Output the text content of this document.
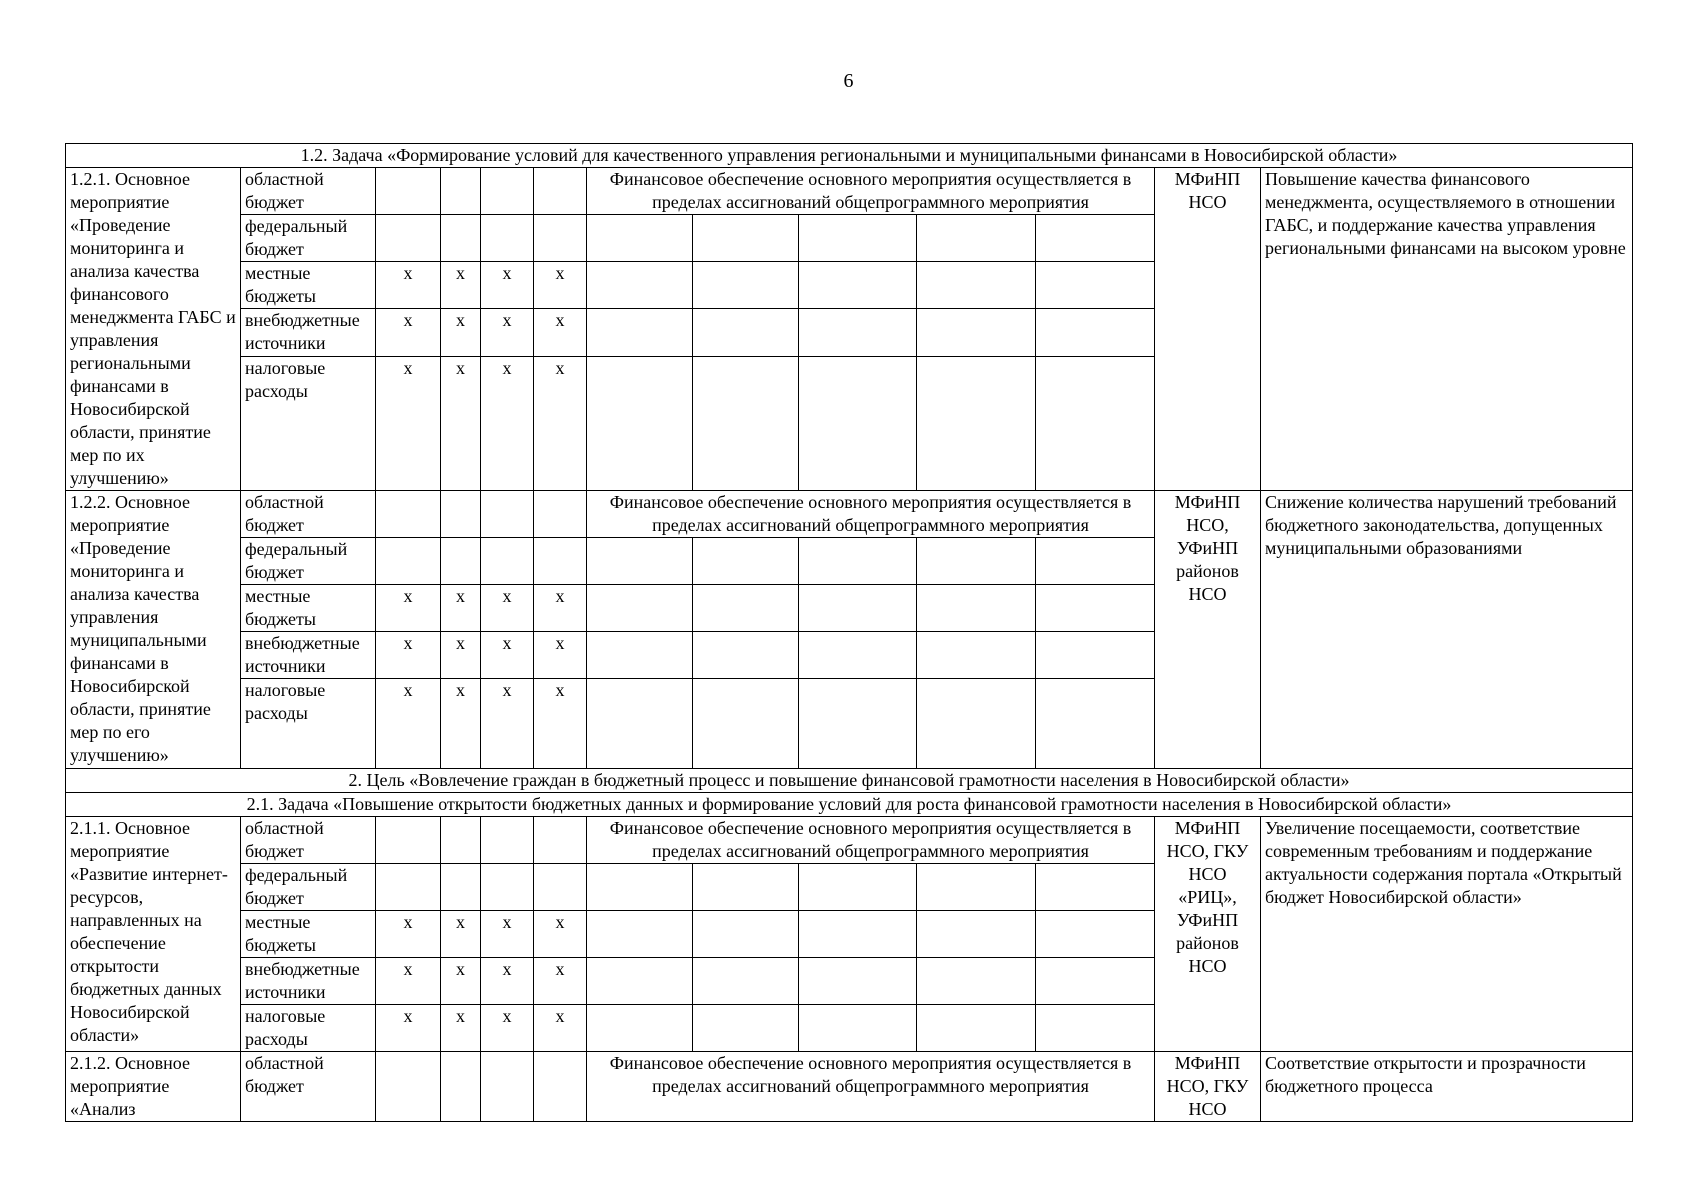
6
1.2. Задача «Формирование условий для качественного управления региональными и муниципальными финансами в Новосибирской области»												
1.2.1. Основное мероприятие «Проведение мониторинга и анализа качества финансового менеджмента ГАБС и управления региональными финансами в Новосибирской области, принятие мер по их улучшению»	областной бюджет					Финансовое обеспечение основного мероприятия осуществляется в пределах ассигнований общепрограммного мероприятия					МФиНП НСО	Повышение качества финансового менеджмента, осуществляемого в отношении ГАБС, и поддержание качества управления региональными финансами на высоком уровне
	федеральный бюджет											
	местные бюджеты	х	х	х	х							
	внебюджетные источники	х	х	х	х							
	налоговые расходы	х	х	х	х							
1.2.2. Основное мероприятие «Проведение мониторинга и анализа качества управления муниципальными финансами в Новосибирской области, принятие мер по его улучшению»	областной бюджет					Финансовое обеспечение основного мероприятия осуществляется в пределах ассигнований общепрограммного мероприятия					МФиНП НСО, УФиНП районов НСО	Снижение количества нарушений требований бюджетного законодательства, допущенных муниципальными образованиями
	федеральный бюджет											
	местные бюджеты	х	х	х	х							
	внебюджетные источники	х	х	х	х							
	налоговые расходы	х	х	х	х							
2. Цель «Вовлечение граждан в бюджетный процесс и повышение финансовой грамотности населения в Новосибирской области»												
2.1. Задача «Повышение открытости бюджетных данных и формирование условий для роста финансовой грамотности населения в Новосибирской области»												
2.1.1. Основное мероприятие «Развитие интернет-ресурсов, направленных на обеспечение открытости бюджетных данных Новосибирской области»	областной бюджет					Финансовое обеспечение основного мероприятия осуществляется в пределах ассигнований общепрограммного мероприятия					МФиНП НСО, ГКУ НСО «РИЦ», УФиНП районов НСО	Увеличение посещаемости, соответствие современным требованиям и поддержание актуальности содержания портала «Открытый бюджет Новосибирской области»
	федеральный бюджет											
	местные бюджеты	х	х	х	х							
	внебюджетные источники	х	х	х	х							
	налоговые расходы	х	х	х	х							
2.1.2. Основное мероприятие «Анализ	областной бюджет					Финансовое обеспечение основного мероприятия осуществляется в пределах ассигнований общепрограммного мероприятия					МФиНП НСО, ГКУ НСО	Соответствие открытости и прозрачности бюджетного процесса
